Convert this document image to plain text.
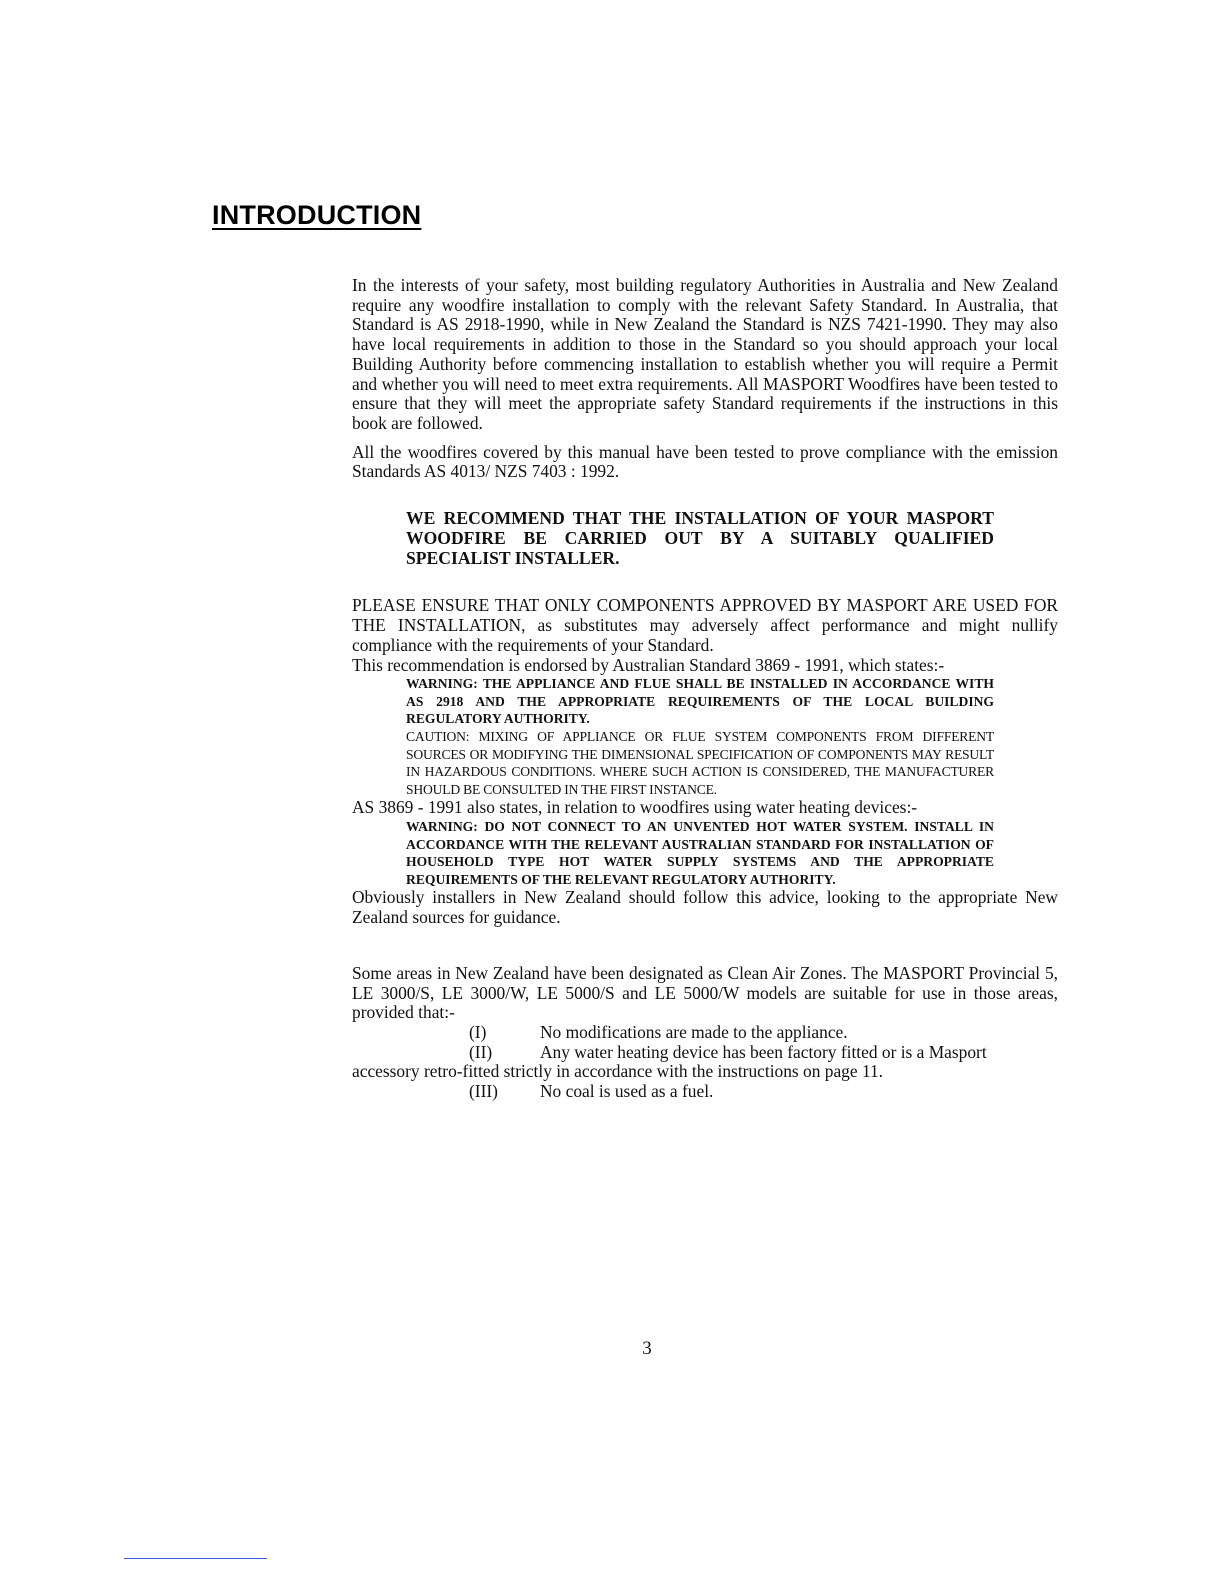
INTRODUCTION

In the interests of your safety, most building regulatory Authorities in Australia and New Zealand require any woodfire installation to comply with the relevant Safety Standard. In Australia, that Standard is AS 2918-1990, while in New Zealand the Standard is NZS 7421-1990. They may also have local requirements in addition to those in the Standard so you should approach your local Building Authority before commencing installation to establish whether you will require a Permit and whether you will need to meet extra requirements. All MASPORT Woodfires have been tested to ensure that they will meet the appropriate safety Standard requirements if the instructions in this book are followed.

All the woodfires covered by this manual have been tested to prove compliance with the emission Standards AS 4013/ NZS 7403 : 1992.

WE RECOMMEND THAT THE INSTALLATION OF YOUR MASPORT WOODFIRE BE CARRIED OUT BY A SUITABLY QUALIFIED SPECIALIST INSTALLER.

PLEASE ENSURE THAT ONLY COMPONENTS APPROVED BY MASPORT ARE USED FOR THE INSTALLATION, as substitutes may adversely affect performance and might nullify compliance with the requirements of your Standard.

This recommendation is endorsed by Australian Standard 3869 - 1991, which states:-

WARNING: THE APPLIANCE AND FLUE SHALL BE INSTALLED IN ACCORDANCE WITH AS 2918 AND THE APPROPRIATE REQUIREMENTS OF THE LOCAL BUILDING REGULATORY AUTHORITY.

CAUTION: MIXING OF APPLIANCE OR FLUE SYSTEM COMPONENTS FROM DIFFERENT SOURCES OR MODIFYING THE DIMENSIONAL SPECIFICATION OF COMPONENTS MAY RESULT IN HAZARDOUS CONDITIONS. WHERE SUCH ACTION IS CONSIDERED, THE MANUFACTURER SHOULD BE CONSULTED IN THE FIRST INSTANCE.

AS 3869 - 1991 also states, in relation to woodfires using water heating devices:-

WARNING: DO NOT CONNECT TO AN UNVENTED HOT WATER SYSTEM. INSTALL IN ACCORDANCE WITH THE RELEVANT AUSTRALIAN STANDARD FOR INSTALLATION OF HOUSEHOLD TYPE HOT WATER SUPPLY SYSTEMS AND THE APPROPRIATE REQUIREMENTS OF THE RELEVANT REGULATORY AUTHORITY.

Obviously installers in New Zealand should follow this advice, looking to the appropriate New Zealand sources for guidance.

Some areas in New Zealand have been designated as Clean Air Zones. The MASPORT Provincial 5, LE 3000/S, LE 3000/W, LE 5000/S and LE 5000/W models are suitable for use in those areas, provided that:-

(I)	No modifications are made to the appliance.
(II)	Any water heating device has been factory fitted or is a Masport
accessory retro-fitted strictly in accordance with the instructions on page 11.
(III) No coal is used as a fuel.

3
